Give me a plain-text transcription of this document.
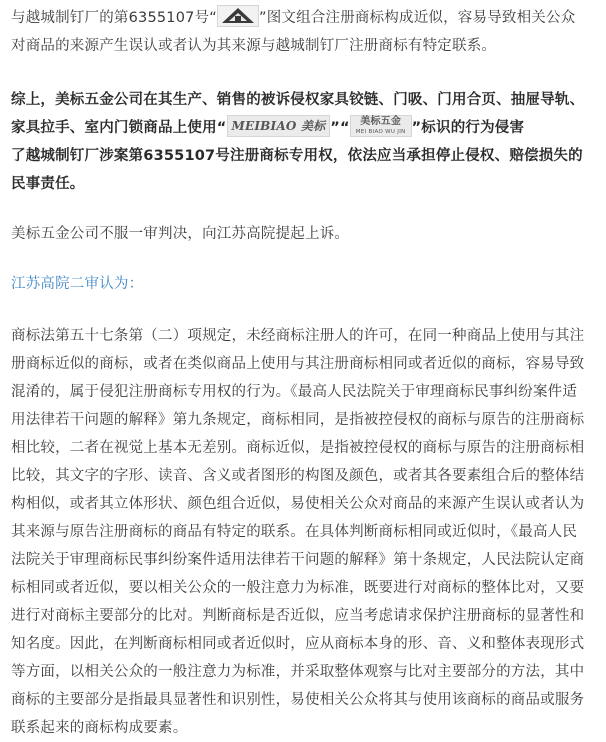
与越城制钉厂的第6355107号“	”图文组合注册商标构成近似，容易导致相关公众
对商品的来源产生误认或者认为其来源与越城制钉厂注册商标有特定联系。

综上，美标五金公司在其生产、销售的被诉侵权家具铰链、门吸、门用合页、抽屉导轨、
家具拉手、室内门锁商品上使用“ MEIBIAO 美标 ”“ 美标五金
MEI BIAO WU JIN ”标识的行为侵害
了越城制钉厂涉案第6355107号注册商标专用权，依法应当承担停止侵权、赔偿损失的
民事责任。

美标五金公司不服一审判决，向江苏高院提起上诉。

江苏高院二审认为：

商标法第五十七条第（二）项规定，未经商标注册人的许可，在同一种商品上使用与其注
册商标近似的商标，或者在类似商品上使用与其注册商标相同或者近似的商标，容易导致
混淆的，属于侵犯注册商标专用权的行为。《最高人民法院关于审理商标民事纠纷案件适
用法律若干问题的解释》第九条规定，商标相同，是指被控侵权的商标与原告的注册商标
相比较，二者在视觉上基本无差别。商标近似，是指被控侵权的商标与原告的注册商标相
比较，其文字的字形、读音、含义或者图形的构图及颜色，或者其各要素组合后的整体结
构相似，或者其立体形状、颜色组合近似，易使相关公众对商品的来源产生误认或者认为
其来源与原告注册商标的商品有特定的联系。在具体判断商标相同或近似时，《最高人民
法院关于审理商标民事纠纷案件适用法律若干问题的解释》第十条规定，人民法院认定商
标相同或者近似，要以相关公众的一般注意力为标准，既要进行对商标的整体比对，又要
进行对商标主要部分的比对。判断商标是否近似，应当考虑请求保护注册商标的显著性和
知名度。因此，在判断商标相同或者近似时，应从商标本身的形、音、义和整体表现形式
等方面，以相关公众的一般注意力为标准，并采取整体观察与比对主要部分的方法，其中
商标的主要部分是指最具显著性和识别性，易使相关公众将其与使用该商标的商品或服务
联系起来的商标构成要素。
